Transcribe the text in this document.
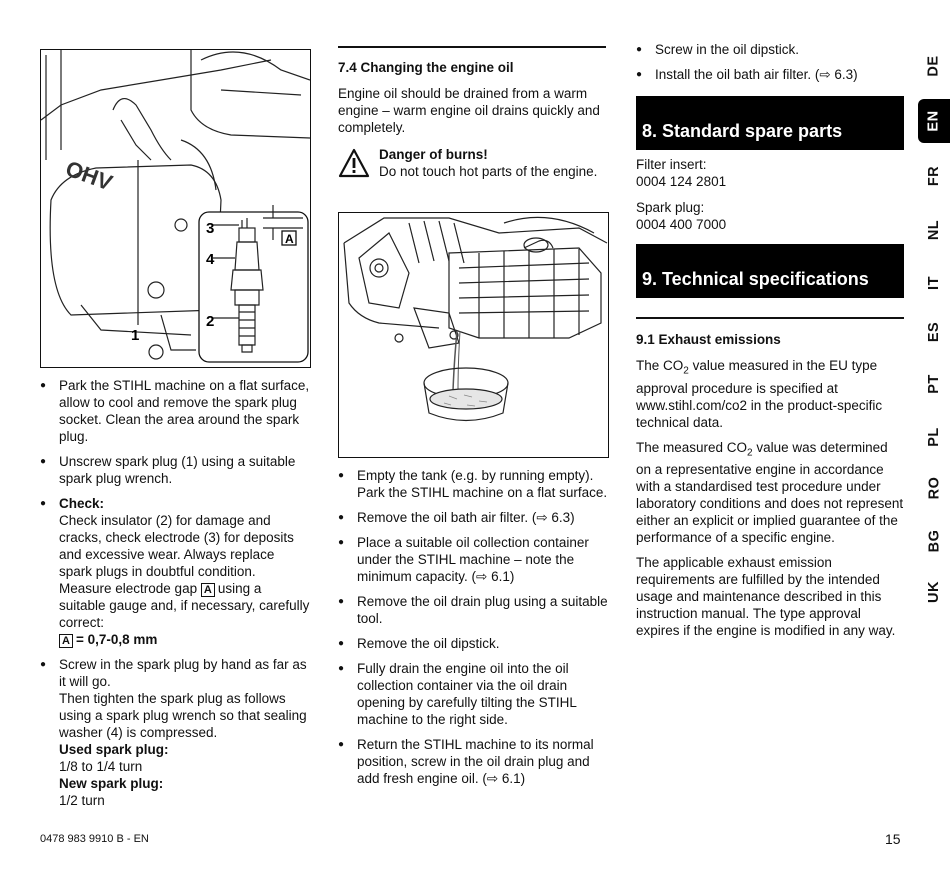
OHV
3
4
2
1
A
● Park the STIHL machine on a flat surface, allow to cool and remove the spark plug socket. Clean the area around the spark plug.
● Unscrew spark plug (1) using a suitable spark plug wrench.
● Check:
Check insulator (2) for damage and cracks, check electrode (3) for deposits and excessive wear. Always replace spark plugs in doubtful condition. Measure electrode gap A using a suitable gauge and, if necessary, carefully correct:
A = 0,7-0,8 mm
● Screw in the spark plug by hand as far as it will go.
Then tighten the spark plug as follows using a spark plug wrench so that sealing washer (4) is compressed.
Used spark plug:
1/8 to 1/4 turn
New spark plug:
1/2 turn
7.4 Changing the engine oil

Engine oil should be drained from a warm engine – warm engine oil drains quickly and completely.

Danger of burns!

Do not touch hot parts of the engine.

● Empty the tank (e.g. by running empty). Park the STIHL machine on a flat surface.
● Remove the oil bath air filter. (⇨ 6.3)
● Place a suitable oil collection container under the STIHL machine – note the minimum capacity. (⇨ 6.1)
● Remove the oil drain plug using a suitable tool.
● Remove the oil dipstick.
● Fully drain the engine oil into the oil collection container via the oil drain opening by carefully tilting the STIHL machine to the right side.
● Return the STIHL machine to its normal position, screw in the oil drain plug and add fresh engine oil. (⇨ 6.1)
● Screw in the oil dipstick.
● Install the oil bath air filter. (⇨ 6.3)
8. Standard spare parts

Filter insert:

0004 124 2801

Spark plug:

0004 400 7000

9. Technical specifications
9.1 Exhaust emissions

The $CO_2$ value measured in the EU type approval procedure is specified at www.stihl.com/co2 in the product-specific technical data.

The measured $CO_2$ value was determined on a representative engine in accordance with a standardised test procedure under laboratory conditions and does not represent either an explicit or implied guarantee of the performance of a specific engine.

The applicable exhaust emission requirements are fulfilled by the intended usage and maintenance described in this instruction manual. The type approval expires if the engine is modified in any way.

DE
EN
FR
NL
IT
ES
PT
PL
RO
BG
UK
0478 983 9910 B - EN	15
